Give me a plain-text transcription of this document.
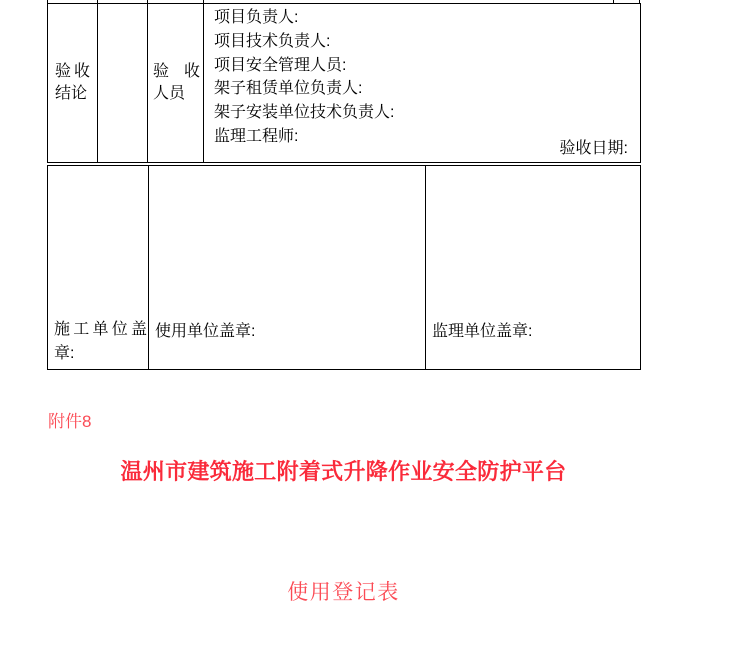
验收结论		验收人员	
项目负责人:
项目技术负责人:
项目安全管理人员:
架子租赁单位负责人:
架子安装单位技术负责人:
监理工程师:
验收日期:
施工单位盖章:	使用单位盖章:	监理单位盖章:
附件8
温州市建筑施工附着式升降作业安全防护平台
使用登记表
